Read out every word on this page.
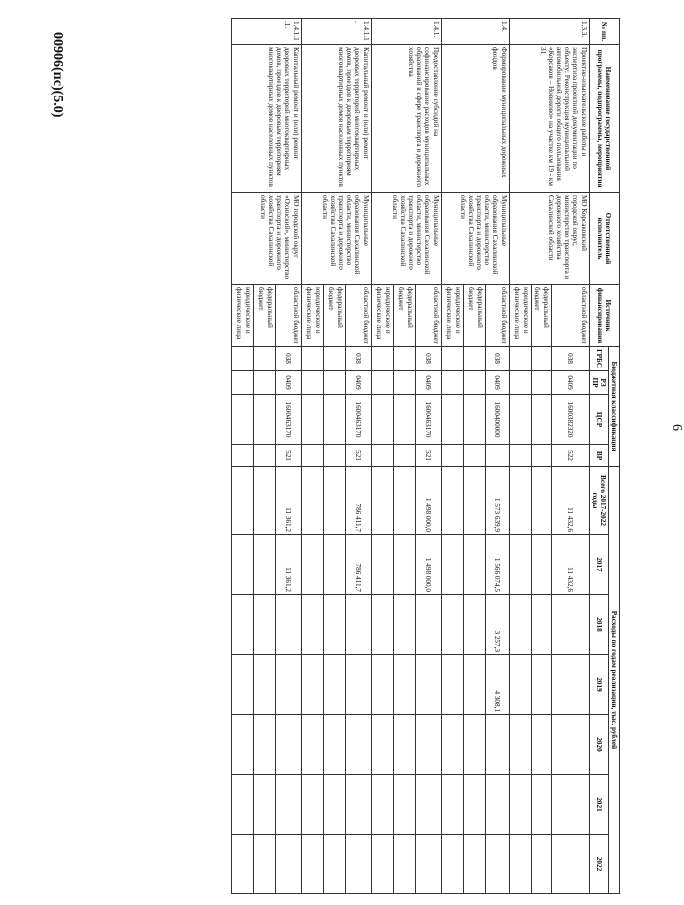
6
№ пп.	Наименование государственной программы, подпрограммы, мероприятия	Ответственный исполнитель	Источник финансирования	Бюджетная классификация				Расходы по годам реализации, тыс. рублей						
				ГРБС	РЗ ПР	ЦСР	ВР	Всего 2017-2022 годы	2017	2018	2019	2020	2021	2022
1.3.3.	Проектно-изыскательские работы и экспертиза проектной документации по объекту: Реконструкция муниципальной автомобильной дороги общего пользования «Корсаков – Новиково» на участке км 19 - км 31	МО Корсаковский городской округ, министерство транспорта и дорожного хозяйства Сахалинской области	областной бюджет	038	0409	1600382320	522	11 432,6	11 432,6					
			федеральный бюджет											
			юридические и физические лица											
1.4.	Формирование муниципальных дорожных фондов	Муниципальные образования Сахалинской области, министерство транспорта и дорожного хозяйства Сахалинской области	областной бюджет	038	0409	1600400000		1 573 639,9	1 566 074,5	3 257,3	4 308,1			
			федеральный бюджет											
			юридические и физические лица											
1.4.1.	Предоставление субсидий на софинансирование расходов муниципальных образований в сфере транспорта и дорожного хозяйства	Муниципальные образования Сахалинской области, министерство транспорта и дорожного хозяйства Сахалинской области	областной бюджет	038	0409	1600463170	521	1 498 000,0	1 498 000,0					
			федеральный бюджет											
			юридические и физические лица											
1.4.1.1.	Капитальный ремонт и (или) ремонт дворовых территорий многоквартирных домов, проездов к дворовым территориям многоквартирных домов населенных пунктов	Муниципальные образования Сахалинской области, министерство транспорта и дорожного хозяйства Сахалинской области	областной бюджет	038	0409	1600463170	521	786 411,7	786 411,7					
			федеральный бюджет											
			юридические и физические лица											
1.4.1.1.1.	Капитальный ремонт и (или) ремонт дворовых территорий многоквартирных домов, проездов к дворовым территориям многоквартирных домов населенных пунктов	МО городской округ «Охинский», министерство транспорта и дорожного хозяйства Сахалинской области	областной бюджет	038	0409	1600463170	521	11 361,2	11 361,2					
			федеральный бюджет											
			юридические и физические лица											
00906(пс)(5.0)
